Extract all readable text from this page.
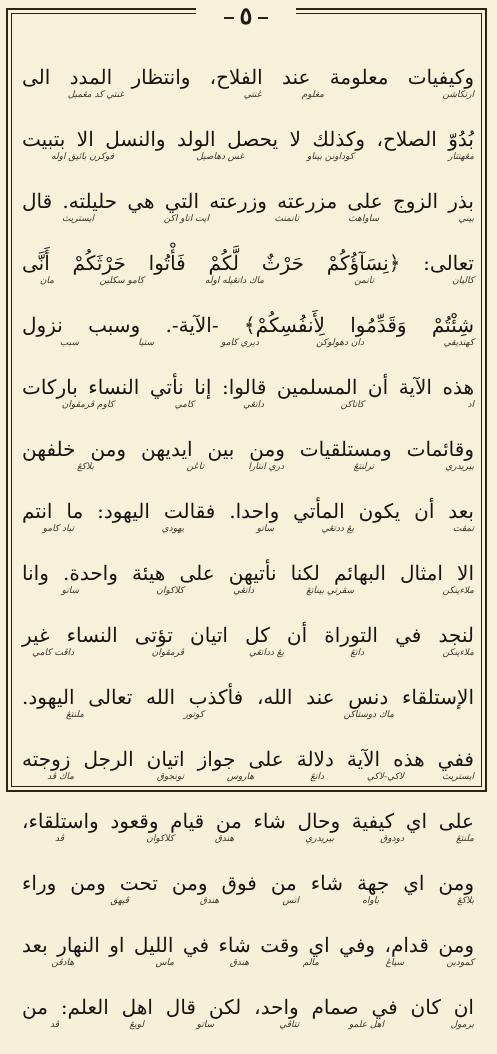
٥
وكيفيات معلومة عند الفلاح، وانتظار المدد الى
ارتكاشن
مغلوم
ڠنتي
غنتي كد مڠمبل
بُدُوّ الصلاح، وكذلك لا يحصل الولد والنسل الا بتبيت
مڠهنتار
كوداونن بيناو
غس دهاصيل
فوكرن بائيق اوله
بذر الزوج على مزرعته وزرعته التي هي حليلته. قال
بيني
ساواهث
تانمنث
ايت اتاو اكن
ايستريث
تعالى: ﴿نِسَآؤُكُمْ حَرْثٌ لَّكُمْ فَأْتُوا حَرْثَكُمْ أَنَّى
كاليان
تانمن
ماك داتڠيله اوله
كامو سكلين
مان
شِئْتُمْ وَقَدِّمُوا لِأَنفُسِكُمْ﴾ -الآية-. وسبب نزول
كهنديقي
دان دهولوكن
ديري كامو
ستيا
سبب
هذه الآية أن المسلمين قالوا: إنا نأتي النساء باركات
اد
كاتاكن
داتڠي
كامي
كاوم ڤرمڤوان
وقائمات ومستلقيات ومن بين ايديهن ومن خلفهن
بيريدري
ترلنتڠ
دري انتارا
تاڠن
بلاكڠ
بعد أن يكون المأتي واحدا. فقالت اليهود: ما انتم
تمڤت
يڠ ددتڠي
ساتو
يهودي
تياد كامو
الا امثال البهائم لكنا نأتيهن على هيئة واحدة. وانا
ملاءينكن
سڤرتي بيناتڠ
داتڠي
كلاكوان
ساتو
لنجد في التوراة أن كل اتيان تؤتى النساء غير
ملاءينكن
داتڠ
يڠ دداتڠي
ڤرمڤوان
داڤت كامي
الإستلقاء دنس عند الله، فأكذب الله تعالى اليهود.
ماك دوستاكن
كوتور
ملنتڠ
ففي هذه الآية دلالة على جواز اتيان الرجل زوجته
ايستريث
لاكي-لاكي
داتڠ
هاروس
تونجوق
ماك ڤد
على اي كيفية وحال شاء من قيام وقعود واستلقاء،
ملنتڠ
دودوق
بيريدري
هندق
كلاكوان
ڤد
ومن اي جهة شاء من فوق ومن تحت ومن وراء
بلاكڠ
باواه
اتس
هندق
ڤيهق
ومن قدام، وفي اي وقت شاء في الليل او النهار بعد
كمودين
سياڠ
مالم
هندق
ماس
هادڤن
ان كان في صمام واحد، لكن قال اهل العلم: من
برمول
اهل علمو
تتاڤي
ساتو
لوبڠ
ڤد
